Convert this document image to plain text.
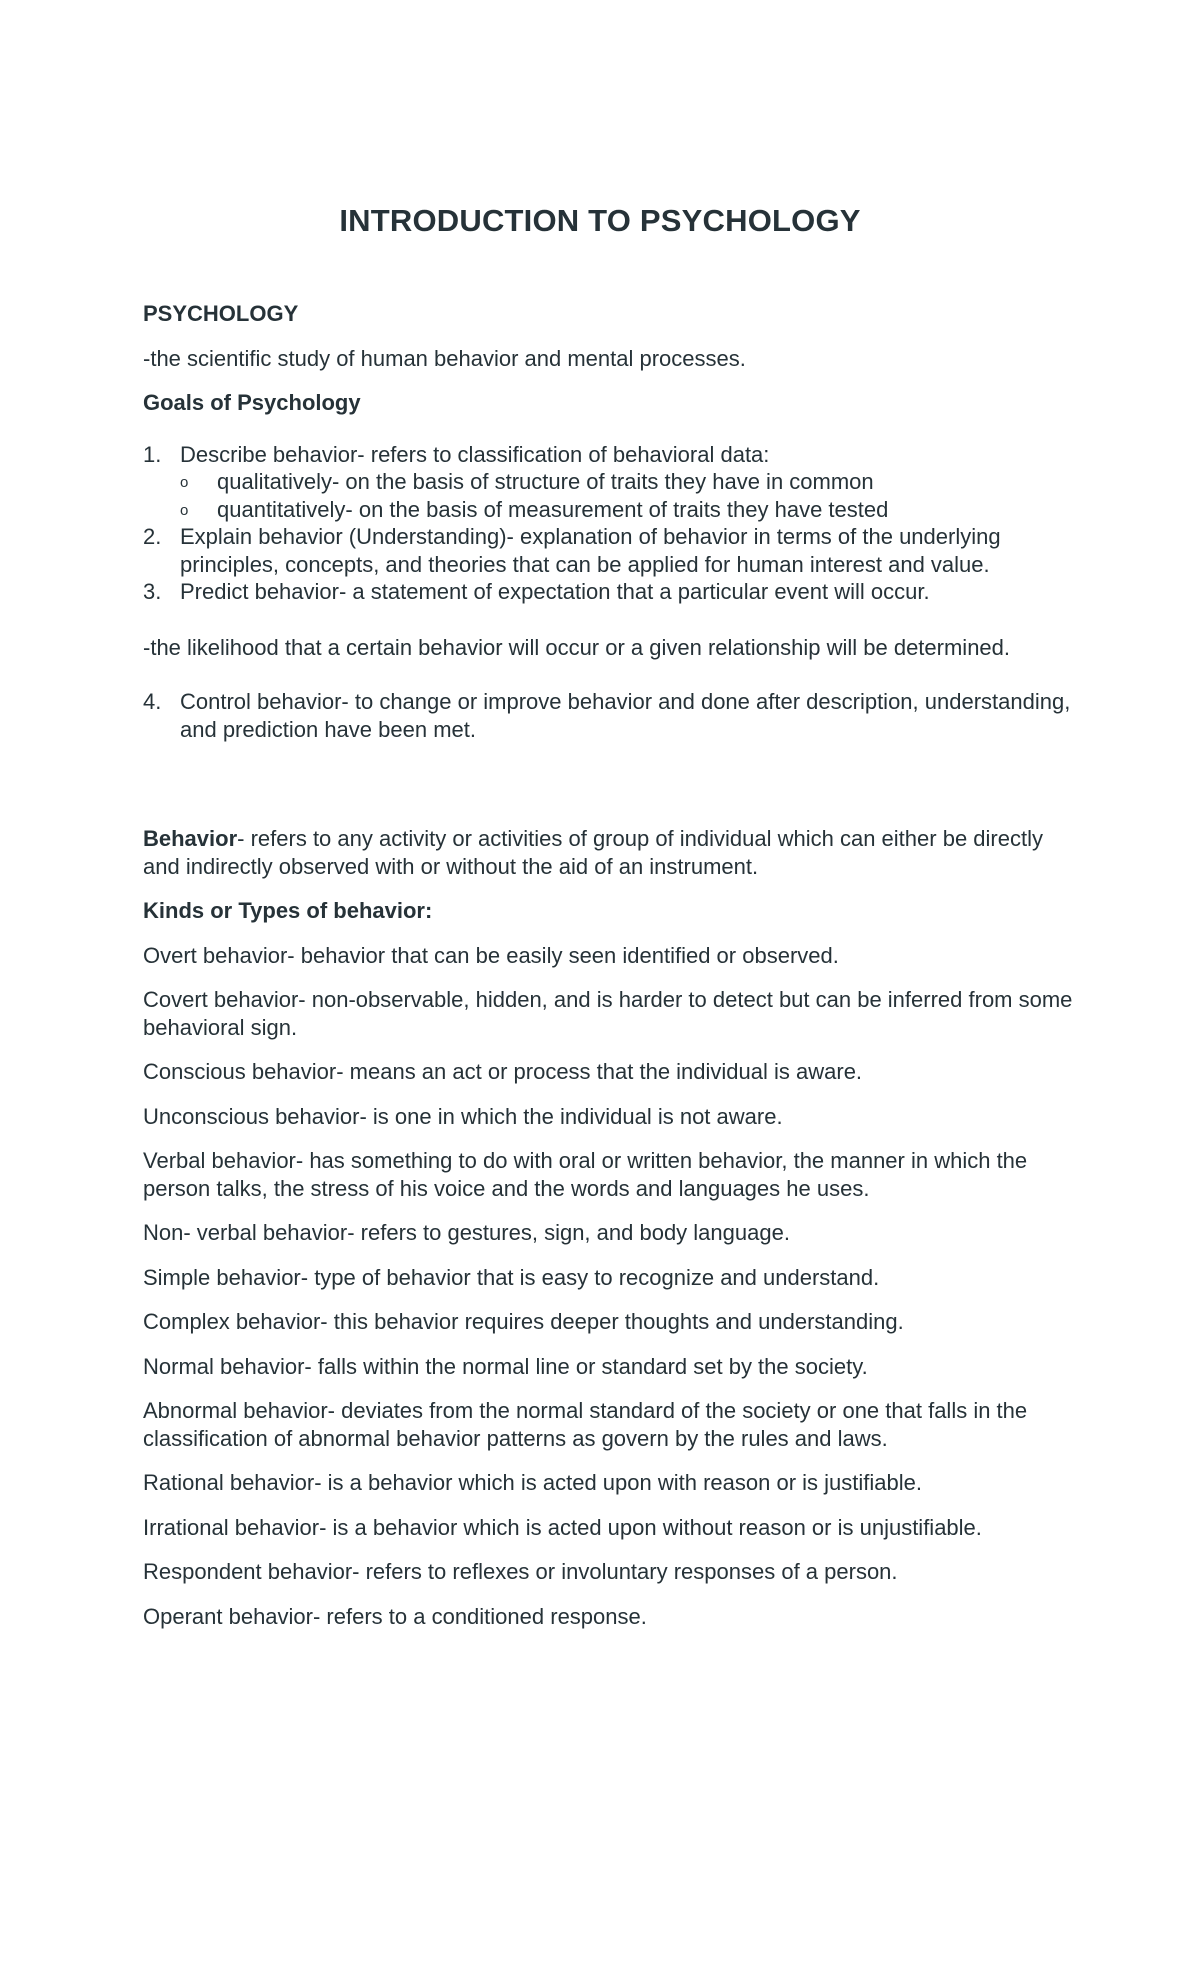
INTRODUCTION TO PSYCHOLOGY

PSYCHOLOGY

-the scientific study of human behavior and mental processes.

Goals of Psychology

1. Describe behavior- refers to classification of behavioral data:
o qualitatively- on the basis of structure of traits they have in common
o quantitatively- on the basis of measurement of traits they have tested
2. Explain behavior (Understanding)- explanation of behavior in terms of the underlying principles, concepts, and theories that can be applied for human interest and value.
3. Predict behavior- a statement of expectation that a particular event will occur.

-the likelihood that a certain behavior will occur or a given relationship will be determined.

4. Control behavior- to change or improve behavior and done after description, understanding, and prediction have been met.

Behavior- refers to any activity or activities of group of individual which can either be directly and indirectly observed with or without the aid of an instrument.

Kinds or Types of behavior:

Overt behavior- behavior that can be easily seen identified or observed.

Covert behavior- non-observable, hidden, and is harder to detect but can be inferred from some behavioral sign.

Conscious behavior- means an act or process that the individual is aware.

Unconscious behavior- is one in which the individual is not aware.

Verbal behavior- has something to do with oral or written behavior, the manner in which the person talks, the stress of his voice and the words and languages he uses.

Non- verbal behavior- refers to gestures, sign, and body language.

Simple behavior- type of behavior that is easy to recognize and understand.

Complex behavior- this behavior requires deeper thoughts and understanding.

Normal behavior- falls within the normal line or standard set by the society.

Abnormal behavior- deviates from the normal standard of the society or one that falls in the classification of abnormal behavior patterns as govern by the rules and laws.

Rational behavior- is a behavior which is acted upon with reason or is justifiable.

Irrational behavior- is a behavior which is acted upon without reason or is unjustifiable.

Respondent behavior- refers to reflexes or involuntary responses of a person.

Operant behavior- refers to a conditioned response.
